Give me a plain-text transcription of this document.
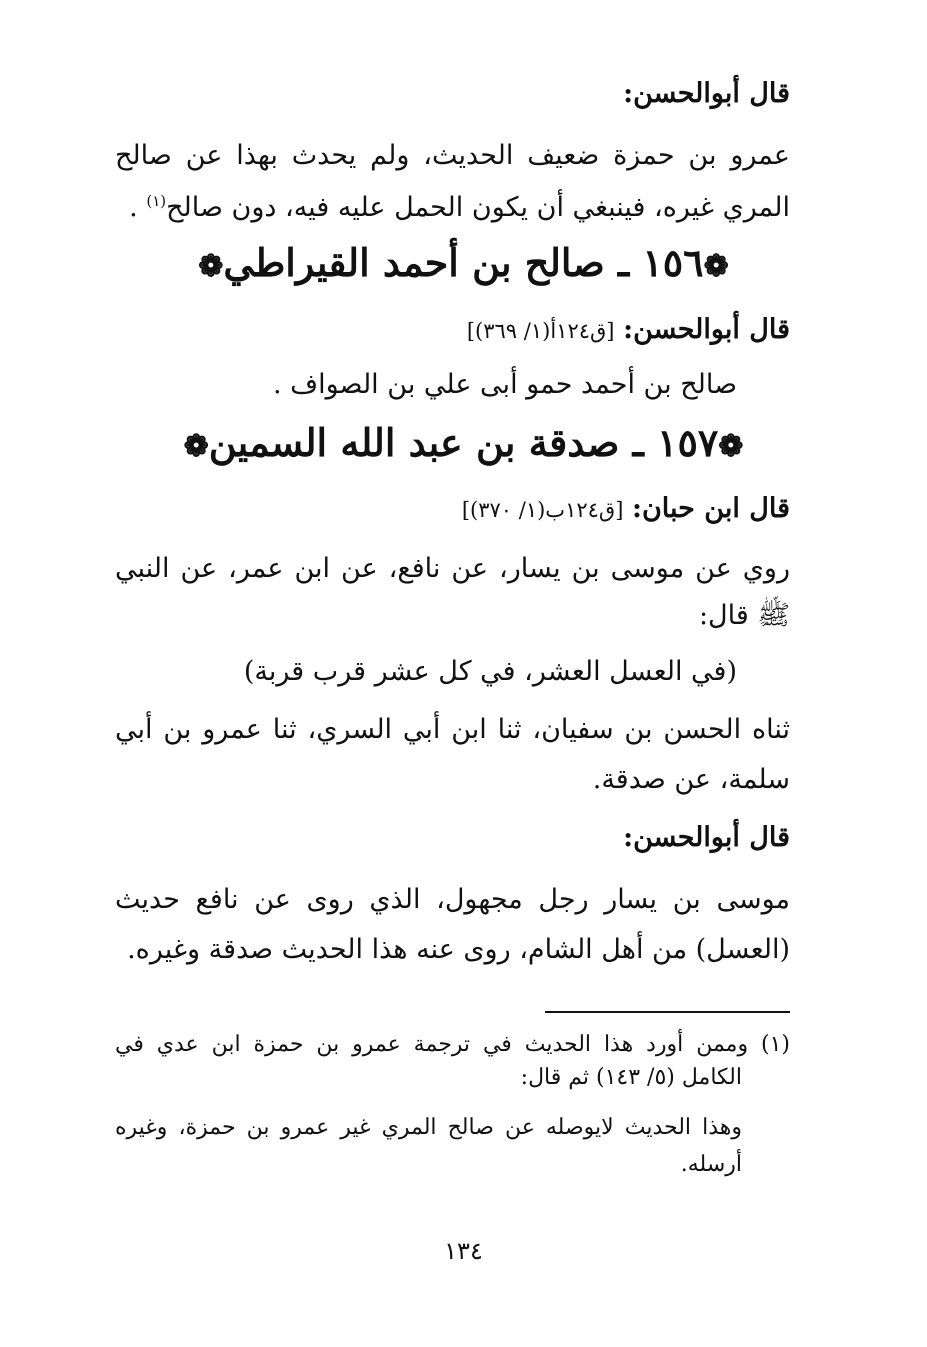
قال أبوالحسن:
عمرو بن حمزة ضعيف الحديث، ولم يحدث بهذا عن صالح
المري غيره، فينبغي أن يكون الحمل عليه فيه، دون صالح$^{(١)}$ .
❁١٥٦ ـ صالح بن أحمد القيراطي❁
قال أبوالحسن: [ق١٢٤أ(١/ ٣٦٩)]
صالح بن أحمد حمو أبى علي بن الصواف .
❁١٥٧ ـ صدقة بن عبد الله السمين❁
قال ابن حبان: [ق١٢٤ب(١/ ٣٧٠)]
روي عن موسى بن يسار، عن نافع، عن ابن عمر، عن النبي
ﷺ قال:
(في العسل العشر، في كل عشر قرب قربة)
ثناه الحسن بن سفيان، ثنا ابن أبي السري، ثنا عمرو بن أبي
سلمة، عن صدقة.
قال أبوالحسن:
موسى بن يسار رجل مجهول، الذي روى عن نافع حديث
(العسل) من أهل الشام، روى عنه هذا الحديث صدقة وغيره.
(١) وممن أورد هذا الحديث في ترجمة عمرو بن حمزة ابن عدي في
الكامل (٥/ ١٤٣) ثم قال:
وهذا الحديث لايوصله عن صالح المري غير عمرو بن حمزة، وغيره
أرسله.
١٣٤
